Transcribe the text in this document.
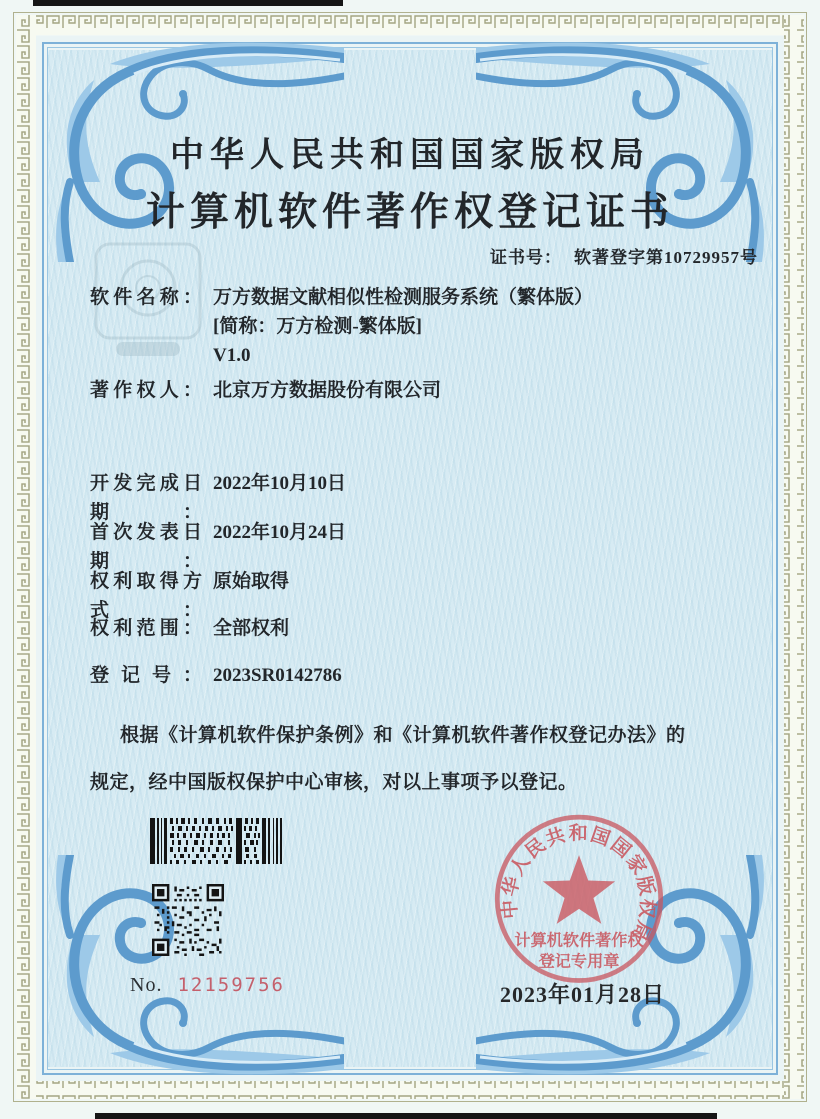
中华人民共和国国家版权局
计算机软件著作权登记证书
证书号： 软著登字第10729957号
软件名称： 万方数据文献相似性检测服务系统（繁体版）
[简称：万方检测-繁体版]
V1.0
著作权人： 北京万方数据股份有限公司
开发完成日期：
2022年10月10日
首次发表日期：
2022年10月24日
权利取得方式：
原始取得
权利范围： 全部权利
登记号： 2023SR0142786
根据《计算机软件保护条例》和《计算机软件著作权登记办法》的
规定，经中国版权保护中心审核，对以上事项予以登记。
No. 12159756	2023年01月28日
中华人民共和国国家版权局
计算机软件著作权
登记专用章
